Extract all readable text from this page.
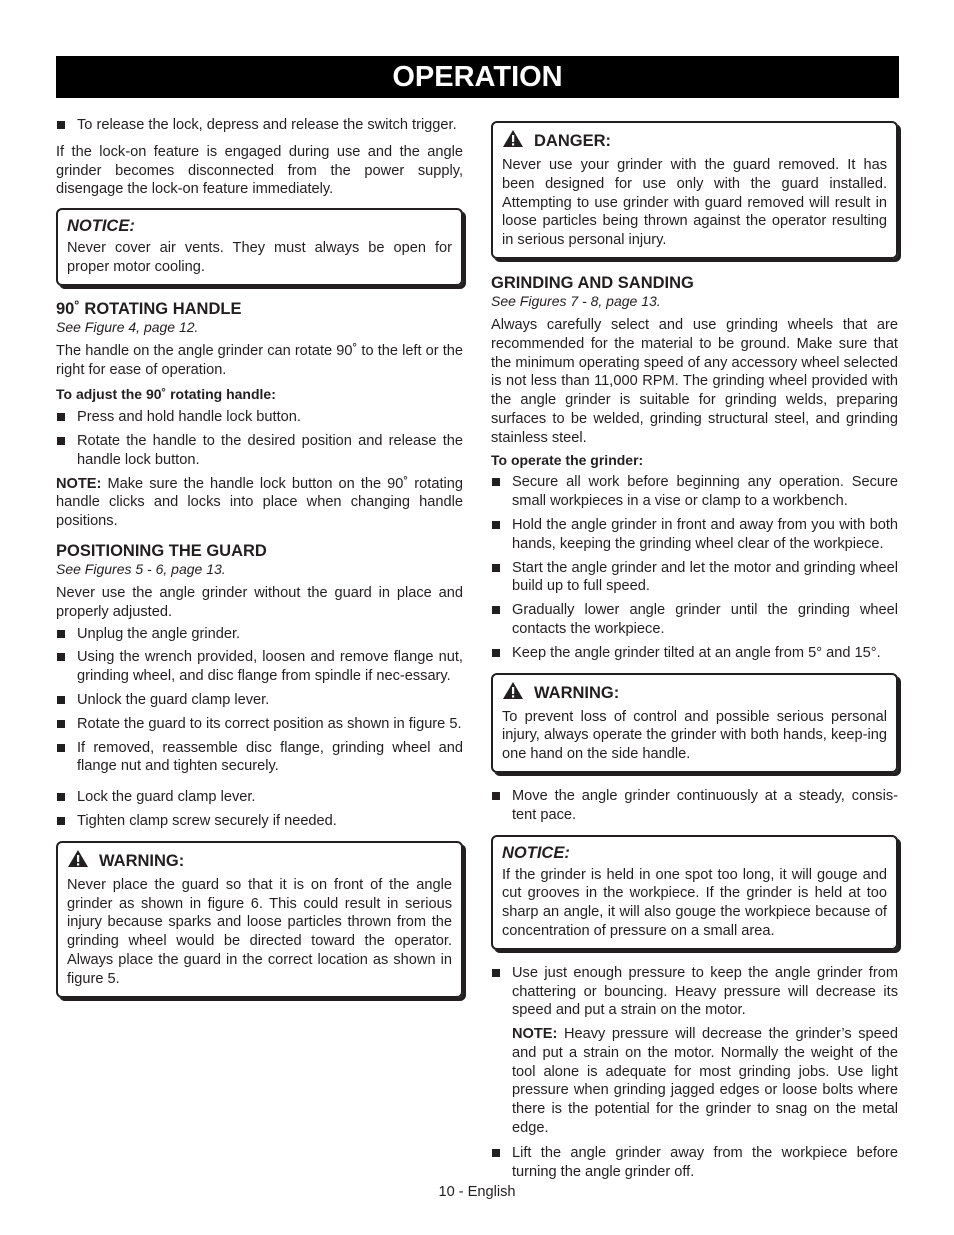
OPERATION
To release the lock, depress and release the switch trigger.

If the lock-on feature is engaged during use and the angle grinder becomes disconnected from the power supply, disengage the lock-on feature immediately.

NOTICE:

Never cover air vents. They must always be open for proper motor cooling.

90˚ ROTATING HANDLE
See Figure 4, page 12.

The handle on the angle grinder can rotate 90˚ to the left or the right for ease of operation.

To adjust the 90˚ rotating handle:
Press and hold handle lock button.
Rotate the handle to the desired position and release the handle lock button.

NOTE: Make sure the handle lock button on the 90˚ rotating handle clicks and locks into place when changing handle positions.

POSITIONING THE GUARD
See Figures 5 - 6, page 13.

Never use the angle grinder without the guard in place and properly adjusted.

Unplug the angle grinder.
Using the wrench provided, loosen and remove flange nut, grinding wheel, and disc flange from spindle if nec-essary.
Unlock the guard clamp lever.
Rotate the guard to its correct position as shown in figure 5.
If removed, reassemble disc flange, grinding wheel and flange nut and tighten securely.
Lock the guard clamp lever.
Tighten clamp screw securely if needed.
WARNING:

Never place the guard so that it is on front of the angle grinder as shown in figure 6. This could result in serious injury because sparks and loose particles thrown from the grinding wheel would be directed toward the operator. Always place the guard in the correct location as shown in figure 5.

DANGER:

Never use your grinder with the guard removed. It has been designed for use only with the guard installed. Attempting to use grinder with guard removed will result in loose particles being thrown against the operator resulting in serious personal injury.

GRINDING AND SANDING
See Figures 7 - 8, page 13.

Always carefully select and use grinding wheels that are recommended for the material to be ground. Make sure that the minimum operating speed of any accessory wheel selected is not less than 11,000 RPM. The grinding wheel provided with the angle grinder is suitable for grinding welds, preparing surfaces to be welded, grinding structural steel, and grinding stainless steel.

To operate the grinder:
Secure all work before beginning any operation. Secure small workpieces in a vise or clamp to a workbench.
Hold the angle grinder in front and away from you with both hands, keeping the grinding wheel clear of the workpiece.
Start the angle grinder and let the motor and grinding wheel build up to full speed.
Gradually lower angle grinder until the grinding wheel contacts the workpiece.
Keep the angle grinder tilted at an angle from 5° and 15°.
WARNING:

To prevent loss of control and possible serious personal injury, always operate the grinder with both hands, keep-ing one hand on the side handle.

Move the angle grinder continuously at a steady, consis-tent pace.
NOTICE:

If the grinder is held in one spot too long, it will gouge and cut grooves in the workpiece. If the grinder is held at too sharp an angle, it will also gouge the workpiece because of concentration of pressure on a small area.

Use just enough pressure to keep the angle grinder from chattering or bouncing. Heavy pressure will decrease its speed and put a strain on the motor.

NOTE: Heavy pressure will decrease the grinder’s speed and put a strain on the motor. Normally the weight of the tool alone is adequate for most grinding jobs. Use light pressure when grinding jagged edges or loose bolts where there is the potential for the grinder to snag on the metal edge.

Lift the angle grinder away from the workpiece before turning the angle grinder off.
10 - English
